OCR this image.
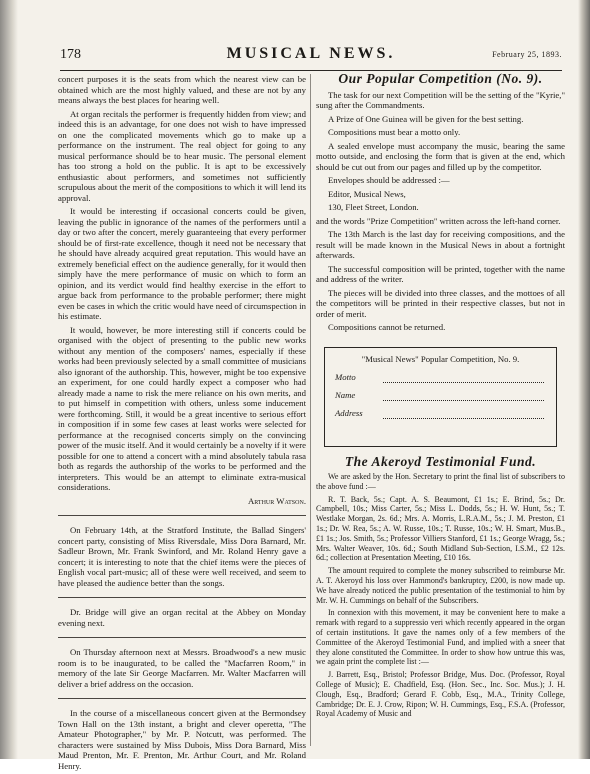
178	MUSICAL NEWS.	February 25, 1893.

concert purposes it is the seats from which the nearest view can be obtained which are the most highly valued, and these are not by any means always the best places for hearing well.

At organ recitals the performer is frequently hidden from view; and indeed this is an advantage, for one does not wish to have impressed on one the complicated movements which go to make up a performance on the instrument. The real object for going to any musical performance should be to hear music. The personal element has too strong a hold on the public. It is apt to be excessively enthusiastic about performers, and sometimes not sufficiently scrupulous about the merit of the compositions to which it will lend its approval.

It would be interesting if occasional concerts could be given, leaving the public in ignorance of the names of the performers until a day or two after the concert, merely guaranteeing that every performer should be of first-rate excellence, though it need not be necessary that he should have already acquired great reputation. This would have an extremely beneficial effect on the audience generally, for it would then simply have the mere performance of music on which to form an opinion, and its verdict would find healthy exercise in the effort to argue back from performance to the probable performer; there might even be cases in which the critic would have need of circumspection in his estimate.

It would, however, be more interesting still if concerts could be organised with the object of presenting to the public new works without any mention of the composers' names, especially if these works had been previously selected by a small committee of musicians also ignorant of the authorship. This, however, might be too expensive an experiment, for one could hardly expect a composer who had already made a name to risk the mere reliance on his own merits, and to put himself in competition with others, unless some inducement were forthcoming. Still, it would be a great incentive to serious effort in composition if in some few cases at least works were selected for performance at the recognised concerts simply on the convincing power of the music itself. And it would certainly be a novelty if it were possible for one to attend a concert with a mind absolutely tabula rasa both as regards the authorship of the works to be performed and the interpreters. This would be an attempt to eliminate extra-musical considerations.

Arthur Watson.

On February 14th, at the Stratford Institute, the Ballad Singers' concert party, consisting of Miss Riversdale, Miss Dora Barnard, Mr. Sadleur Brown, Mr. Frank Swinford, and Mr. Roland Henry gave a concert; it is interesting to note that the chief items were the pieces of English vocal part-music; all of these were well received, and seem to have pleased the audience better than the songs.

Dr. Bridge will give an organ recital at the Abbey on Monday evening next.

On Thursday afternoon next at Messrs. Broadwood's a new music room is to be inaugurated, to be called the "Macfarren Room," in memory of the late Sir George Macfarren. Mr. Walter Macfarren will deliver a brief address on the occasion.

In the course of a miscellaneous concert given at the Bermondsey Town Hall on the 13th instant, a bright and clever operetta, "The Amateur Photographer," by Mr. P. Notcutt, was performed. The characters were sustained by Miss Dubois, Miss Dora Barnard, Miss Maud Prenton, Mr. F. Prenton, Mr. Arthur Court, and Mr. Roland Henry.

Our Popular Competition (No. 9).

The task for our next Competition will be the setting of the "Kyrie," sung after the Commandments.

A Prize of One Guinea will be given for the best setting.

Compositions must bear a motto only.

A sealed envelope must accompany the music, bearing the same motto outside, and enclosing the form that is given at the end, which should be cut out from our pages and filled up by the competitor.

Envelopes should be addressed :—

Editor, Musical News,

130, Fleet Street, London.

and the words "Prize Competition" written across the left-hand corner.

The 13th March is the last day for receiving compositions, and the result will be made known in the Musical News in about a fortnight afterwards.

The successful composition will be printed, together with the name and address of the writer.

The pieces will be divided into three classes, and the mottoes of all the competitors will be printed in their respective classes, but not in order of merit.

Compositions cannot be returned.

"Musical News" Popular Competition, No. 9.
Motto
Name
Address
The Akeroyd Testimonial Fund.

We are asked by the Hon. Secretary to print the final list of subscribers to the above fund :—

R. T. Back, 5s.; Capt. A. S. Beaumont, £1 1s.; E. Brind, 5s.; Dr. Campbell, 10s.; Miss Carter, 5s.; Miss L. Dodds, 5s.; H. W. Hunt, 5s.; T. Westlake Morgan, 2s. 6d.; Mrs. A. Morris, L.R.A.M., 5s.; J. M. Preston, £1 1s.; Dr. W. Rea, 5s.; A. W. Russe, 10s.; T. Russe, 10s.; W. H. Smart, Mus.B., £1 1s.; Jos. Smith, 5s.; Professor Villiers Stanford, £1 1s.; George Wragg, 5s.; Mrs. Walter Weaver, 10s. 6d.; South Midland Sub-Section, I.S.M., £2 12s. 6d.; collection at Presentation Meeting, £10 16s.

The amount required to complete the money subscribed to reimburse Mr. A. T. Akeroyd his loss over Hammond's bankruptcy, £200, is now made up. We have already noticed the public presentation of the testimonial to him by Mr. W. H. Cummings on behalf of the Subscribers.

In connexion with this movement, it may be convenient here to make a remark with regard to a suppressio veri which recently appeared in the organ of certain institutions. It gave the names only of a few members of the Committee of the Akeroyd Testimonial Fund, and implied with a sneer that they alone constituted the Committee. In order to show how untrue this was, we again print the complete list :—

J. Barrett, Esq., Bristol; Professor Bridge, Mus. Doc. (Professor, Royal College of Music); E. Chadfield, Esq. (Hon. Sec., Inc. Soc. Mus.); J. H. Clough, Esq., Bradford; Gerard F. Cobb, Esq., M.A., Trinity College, Cambridge; Dr. E. J. Crow, Ripon; W. H. Cummings, Esq., F.S.A. (Professor, Royal Academy of Music and
